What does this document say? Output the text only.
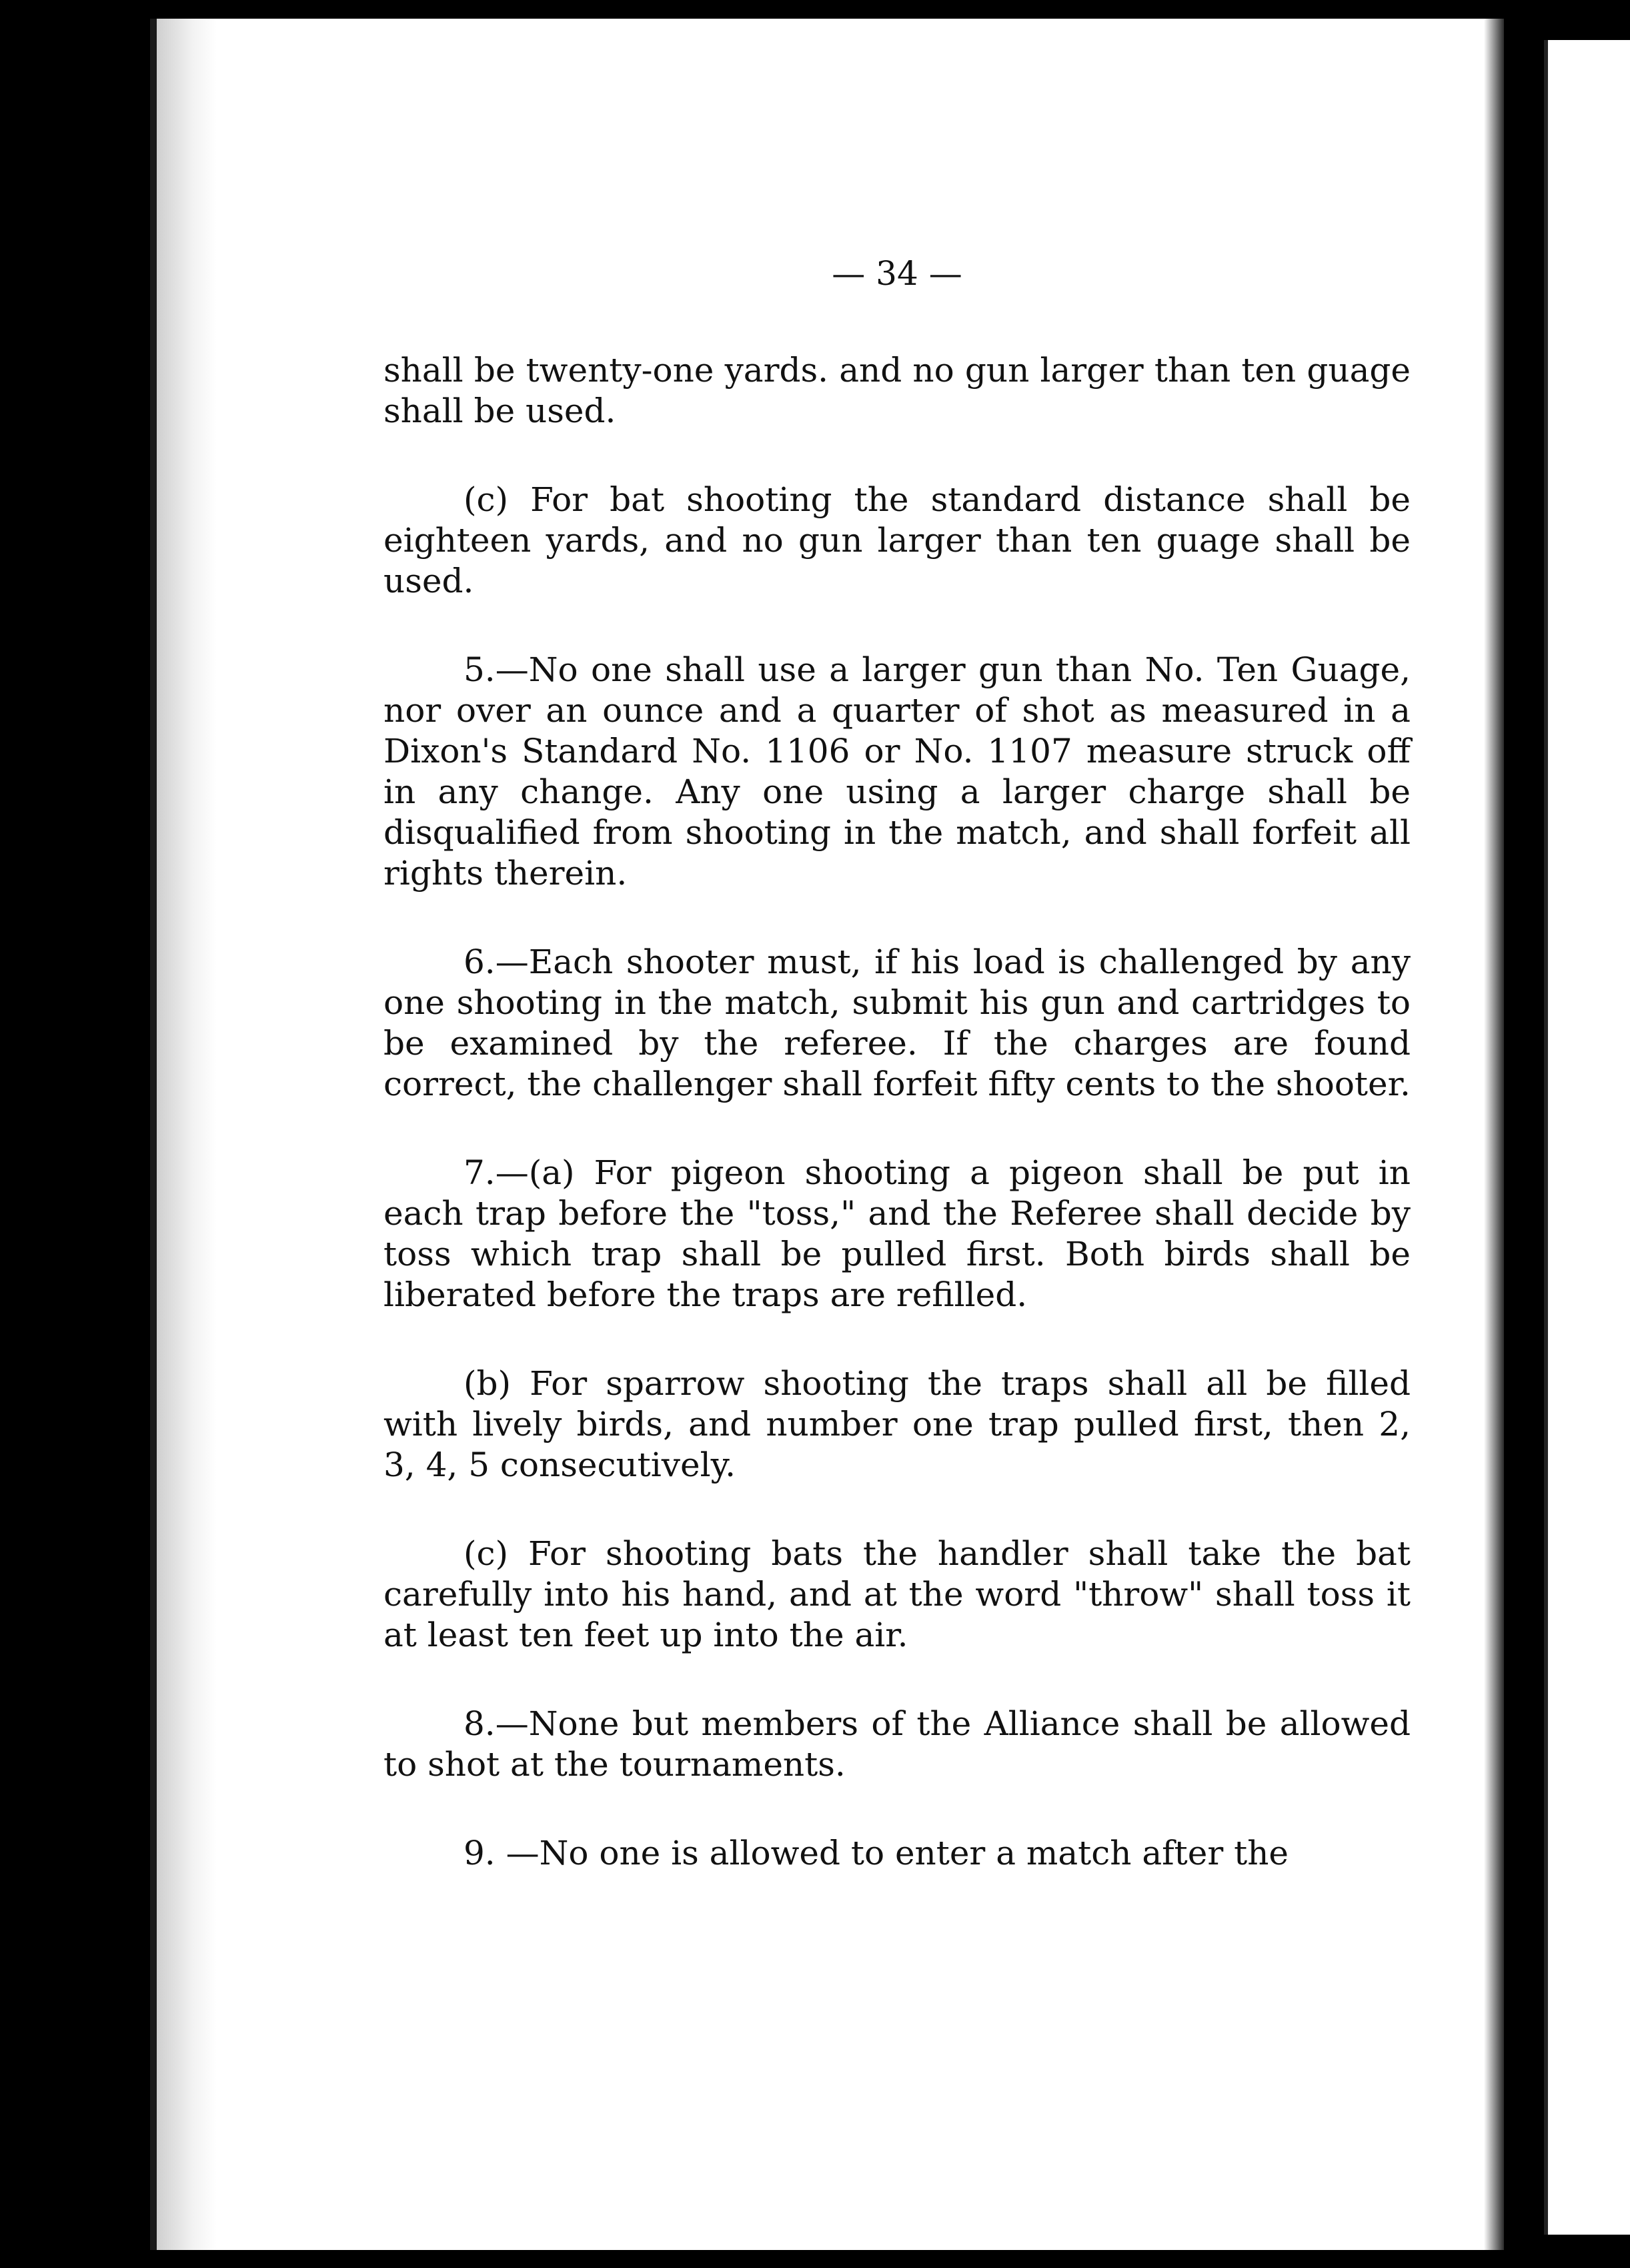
— 34 —

shall be twenty-one yards. and no gun larger than ten guage shall be used.

(c) For bat shooting the standard distance shall be eighteen yards, and no gun larger than ten guage shall be used.

5.—No one shall use a larger gun than No. Ten Guage, nor over an ounce and a quarter of shot as measured in a Dixon's Standard No. 1106 or No. 1107 measure struck off in any change. Any one using a larger charge shall be disqualified from shooting in the match, and shall forfeit all rights therein.

6.—Each shooter must, if his load is challenged by any one shooting in the match, submit his gun and cartridges to be examined by the referee. If the charges are found correct, the challenger shall forfeit fifty cents to the shooter.

7.—(a) For pigeon shooting a pigeon shall be put in each trap before the "toss," and the Referee shall decide by toss which trap shall be pulled first. Both birds shall be liberated before the traps are refilled.

(b) For sparrow shooting the traps shall all be filled with lively birds, and number one trap pulled first, then 2, 3, 4, 5 consecutively.

(c) For shooting bats the handler shall take the bat carefully into his hand, and at the word "throw" shall toss it at least ten feet up into the air.

8.—None but members of the Alliance shall be allowed to shot at the tournaments.

9. —No one is allowed to enter a match after the
